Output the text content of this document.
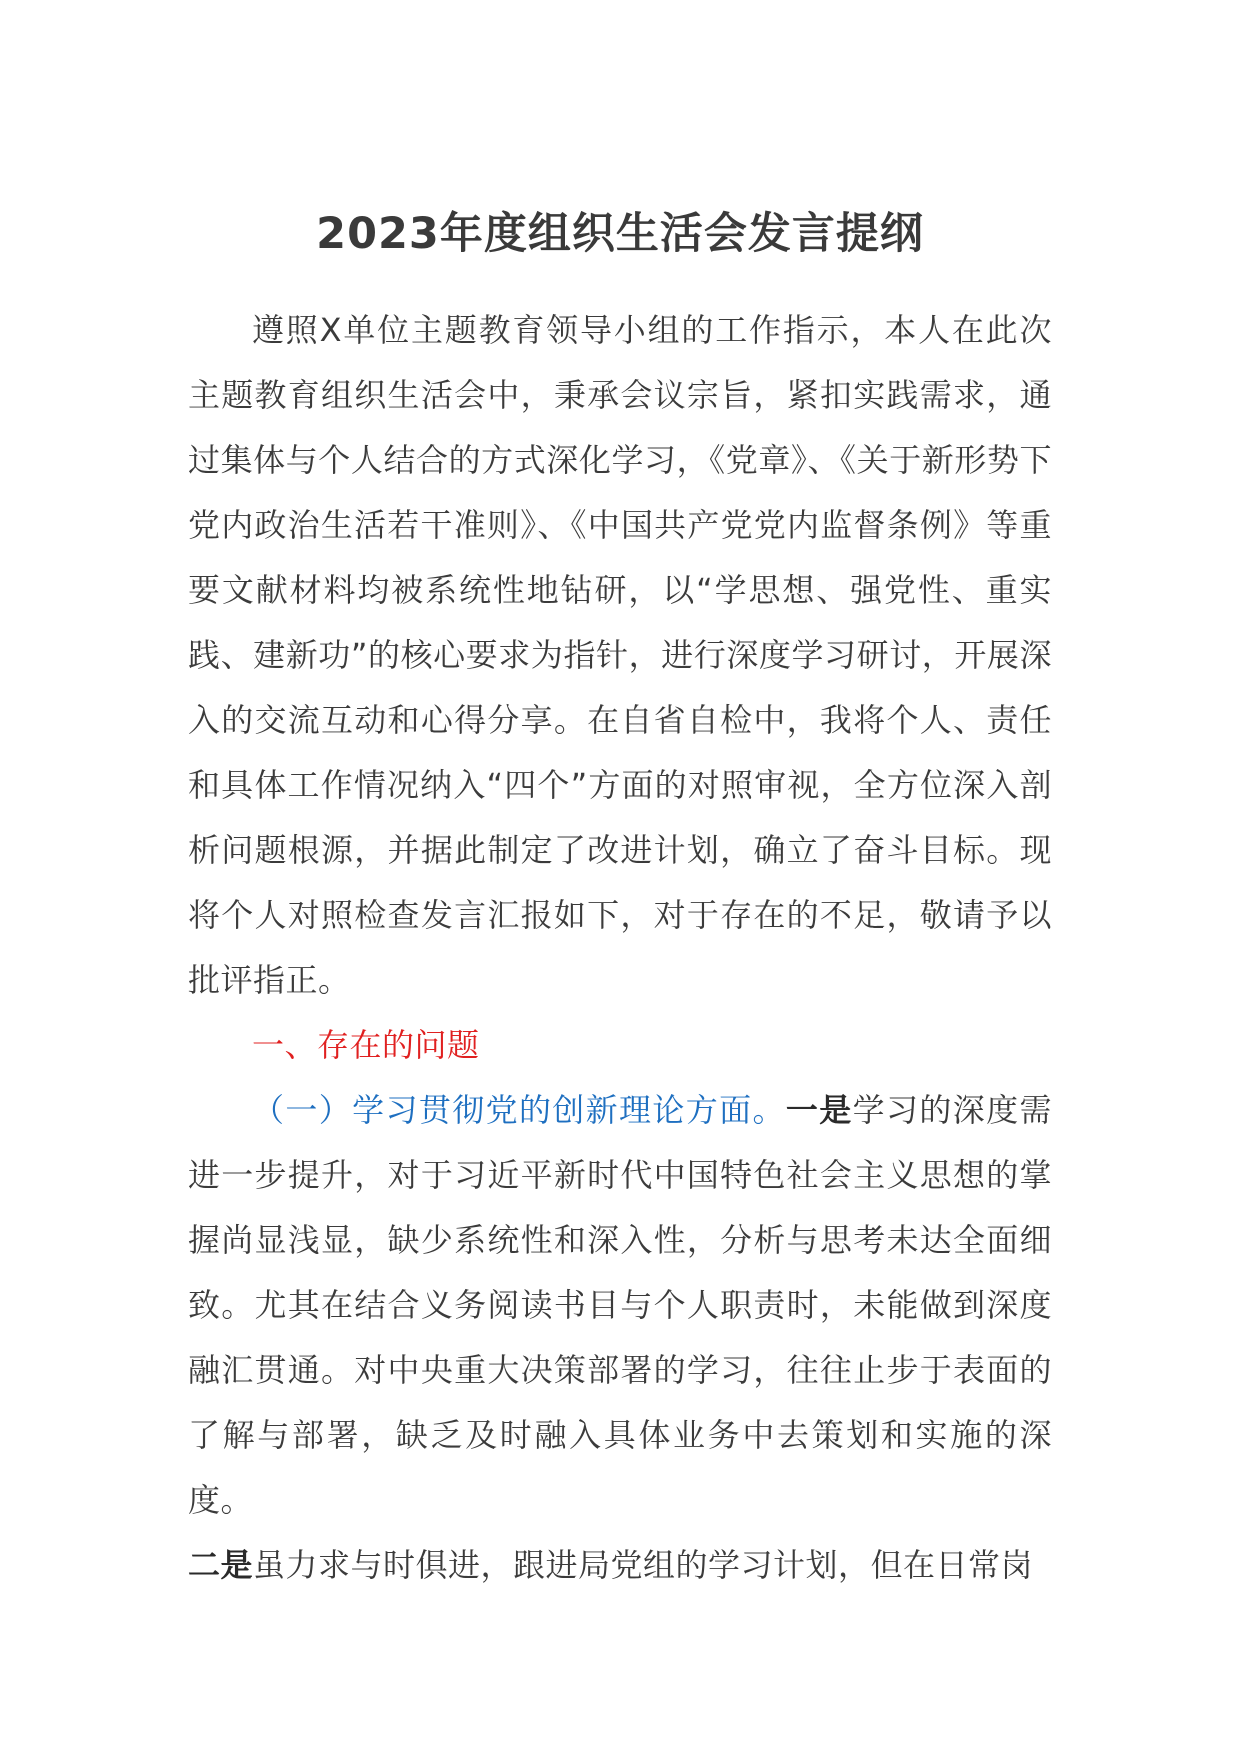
2023年度组织生活会发言提纲

遵照X单位主题教育领导小组的工作指示，本人在此次主题教育组织生活会中，秉承会议宗旨，紧扣实践需求，通过集体与个人结合的方式深化学习，《党章》、《关于新形势下党内政治生活若干准则》、《中国共产党党内监督条例》等重要文献材料均被系统性地钻研，以“学思想、强党性、重实践、建新功”的核心要求为指针，进行深度学习研讨，开展深入的交流互动和心得分享。在自省自检中，我将个人、责任和具体工作情况纳入“四个”方面的对照审视，全方位深入剖析问题根源，并据此制定了改进计划，确立了奋斗目标。现将个人对照检查发言汇报如下，对于存在的不足，敬请予以批评指正。

一、存在的问题

（一）学习贯彻党的创新理论方面。一是学习的深度需进一步提升，对于习近平新时代中国特色社会主义思想的掌握尚显浅显，缺少系统性和深入性，分析与思考未达全面细致。尤其在结合义务阅读书目与个人职责时，未能做到深度融汇贯通。对中央重大决策部署的学习，往往止步于表面的了解与部署，缺乏及时融入具体业务中去策划和实施的深度。

二是虽力求与时俱进，跟进局党组的学习计划，但在日常岗
